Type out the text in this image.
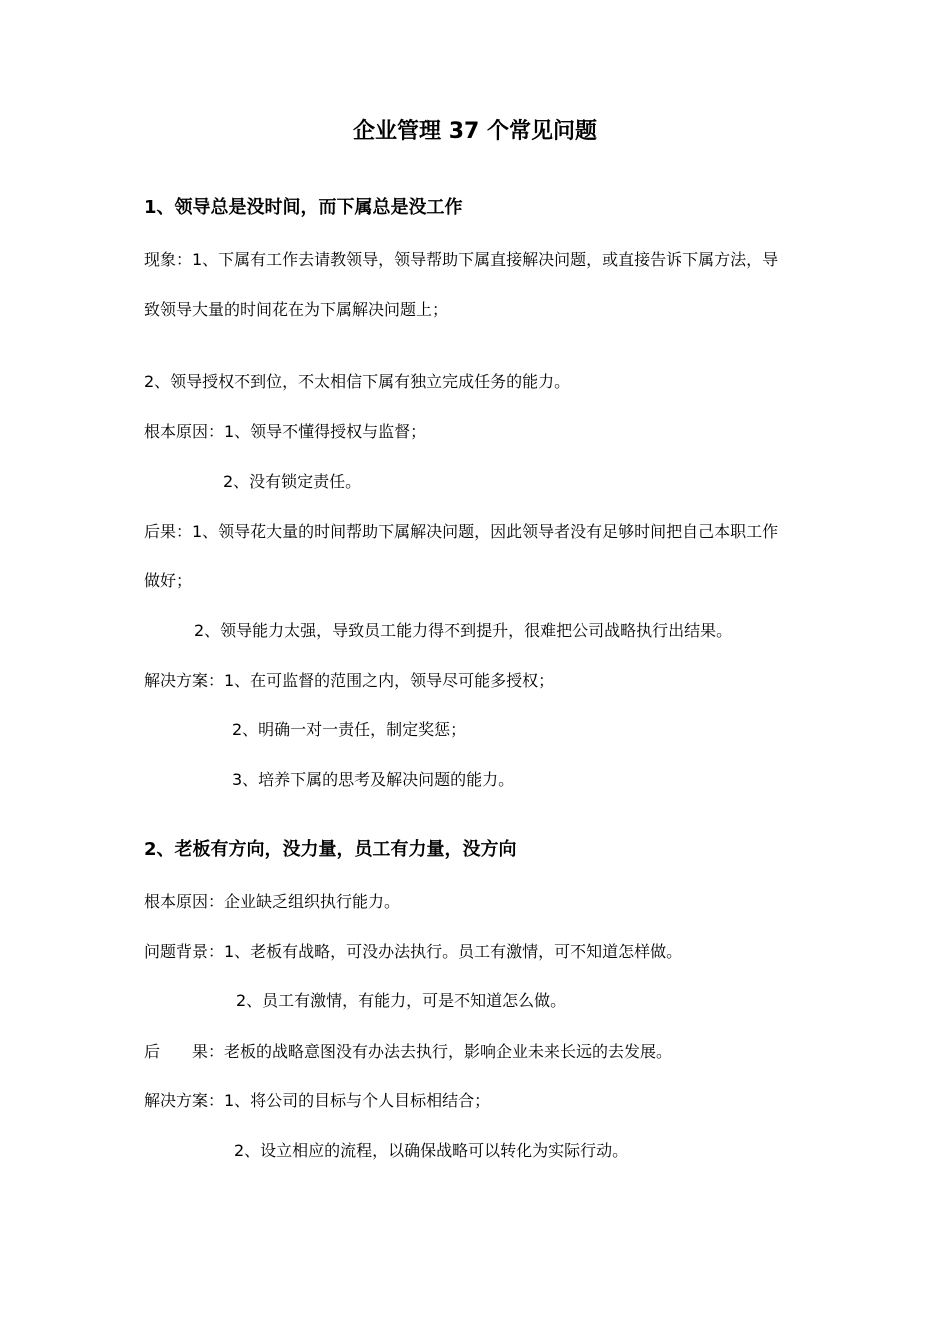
企业管理 37 个常见问题
1、领导总是没时间，而下属总是没工作
现象：1、下属有工作去请教领导，领导帮助下属直接解决问题，或直接告诉下属方法，导
致领导大量的时间花在为下属解决问题上；
2、领导授权不到位，不太相信下属有独立完成任务的能力。
根本原因：1、领导不懂得授权与监督；
2、没有锁定责任。
后果：1、领导花大量的时间帮助下属解决问题，因此领导者没有足够时间把自己本职工作
做好；
2、领导能力太强，导致员工能力得不到提升，很难把公司战略执行出结果。
解决方案：1、在可监督的范围之内，领导尽可能多授权；
2、明确一对一责任，制定奖惩；
3、培养下属的思考及解决问题的能力。
2、老板有方向，没力量，员工有力量，没方向
根本原因：企业缺乏组织执行能力。
问题背景：1、老板有战略，可没办法执行。员工有激情，可不知道怎样做。
2、员工有激情，有能力，可是不知道怎么做。
后　　果：老板的战略意图没有办法去执行，影响企业未来长远的去发展。
解决方案：1、将公司的目标与个人目标相结合；
2、设立相应的流程，以确保战略可以转化为实际行动。
